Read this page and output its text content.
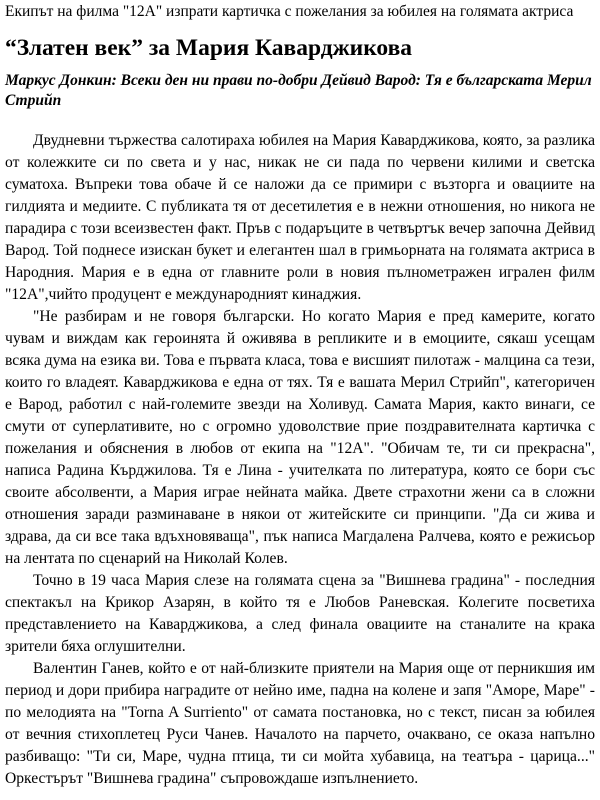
Екипът на филма "12А" изпрати картичка с пожелания за юбилея на голямата актриса
“Златен век” за Мария Каварджикова
Маркус Донкин: Всеки ден ни прави по-добри Дейвид Варод: Тя е българската Мерил Стрийп

Двудневни тържества салотираха юбилея на Мария Каварджикова, която, за разлика от колежките си по света и у нас, никак не си пада по червени килими и светска суматоха. Въпреки това обаче й се наложи да се примири с възторга и овациите на гилдията и медиите. С публиката тя от десетилетия е в нежни отношения, но никога не парадира с този всеизвестен факт. Пръв с подаръците в четвъртък вечер започна Дейвид Варод. Той поднесе изискан букет и елегантен шал в гримьорната на голямата актриса в Народния. Мария е в една от главните роли в новия пълнометражен игрален филм "12А",чийто продуцент е международният кинаджия.

"Не разбирам и не говоря български. Но когато Мария е пред камерите, когато чувам и виждам как героинята й оживява в репликите и в емоциите, сякаш усещам всяка дума на езика ви. Това е първата класа, това е висшият пилотаж - малцина са тези, които го владеят. Каварджикова е една от тях. Тя е вашата Мерил Стрийп", категоричен е Варод, работил с най-големите звезди на Холивуд. Самата Мария, както винаги, се смути от суперлативите, но с огромно удоволствие прие поздравителната картичка с пожелания и обяснения в любов от екипа на "12А". "Обичам те, ти си прекрасна", написа Радина Кърджилова. Тя е Лина - учителката по литература, която се бори със своите абсолвенти, а Мария играе нейната майка. Двете страхотни жени са в сложни отношения заради разминаване в някои от житейските си принципи. "Да си жива и здрава, да си все така вдъхновяваща", пък написа Магдалена Ралчева, която е режисьор на лентата по сценарий на Николай Колев.

Точно в 19 часа Мария слезе на голямата сцена за "Вишнева градина" - последния спектакъл на Крикор Азарян, в който тя е Любов Раневская. Колегите посветиха представлението на Каварджикова, а след финала овациите на станалите на крака зрители бяха оглушителни.

Валентин Ганев, който е от най-близките приятели на Мария още от перникшия им период и дори прибира наградите от нейно име, падна на колене и запя "Аморе, Маре" - по мелодията на "Torna A Surriento" от самата постановка, но с текст, писан за юбилея от вечния стихоплетец Руси Чанев. Началото на парчето, очаквано, се оказа напълно разбиващо: "Ти си, Маре, чудна птица, ти си мойта хубавица, на театъра - царица..." Оркестърът "Вишнева градина" съпровождаше изпълнението.
